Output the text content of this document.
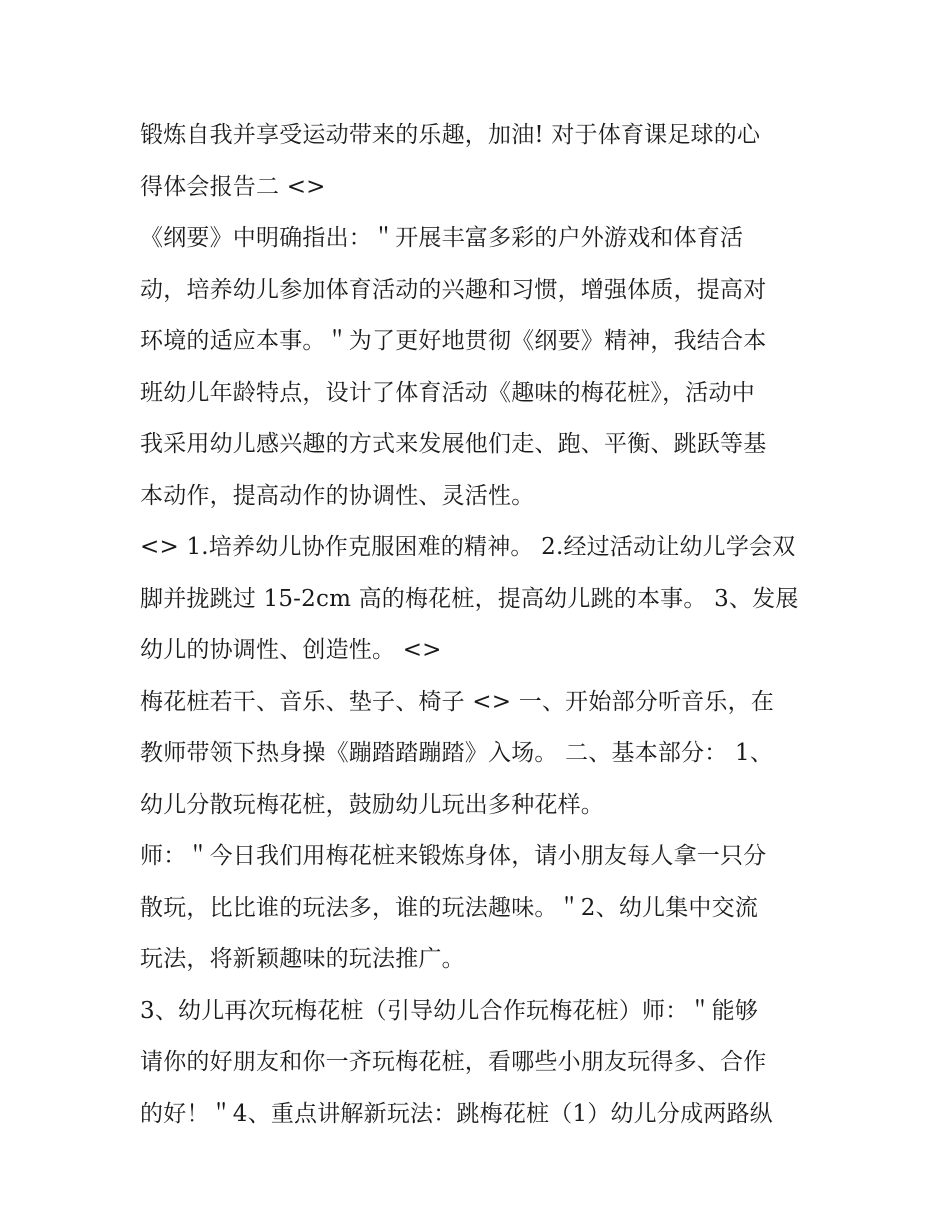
锻炼自我并享受运动带来的乐趣，加油! 对于体育课足球的心
得体会报告二 <>
《纲要》中明确指出：＂开展丰富多彩的户外游戏和体育活
动，培养幼儿参加体育活动的兴趣和习惯，增强体质，提高对
环境的适应本事。＂为了更好地贯彻《纲要》精神，我结合本
班幼儿年龄特点，设计了体育活动《趣味的梅花桩》，活动中
我采用幼儿感兴趣的方式来发展他们走、跑、平衡、跳跃等基
本动作，提高动作的协调性、灵活性。
<> 1.培养幼儿协作克服困难的精神。 2.经过活动让幼儿学会双
脚并拢跳过 15-2cm 高的梅花桩，提高幼儿跳的本事。 3、发展
幼儿的协调性、创造性。 <>
梅花桩若干、音乐、垫子、椅子 <> 一、开始部分听音乐，在
教师带领下热身操《蹦踏踏蹦踏》入场。 二、基本部分： 1、
幼儿分散玩梅花桩，鼓励幼儿玩出多种花样。
师：＂今日我们用梅花桩来锻炼身体，请小朋友每人拿一只分
散玩，比比谁的玩法多，谁的玩法趣味。＂2、幼儿集中交流
玩法，将新颖趣味的玩法推广。
3、幼儿再次玩梅花桩（引导幼儿合作玩梅花桩）师：＂能够
请你的好朋友和你一齐玩梅花桩，看哪些小朋友玩得多、合作
的好！＂4、重点讲解新玩法：跳梅花桩（1）幼儿分成两路纵
